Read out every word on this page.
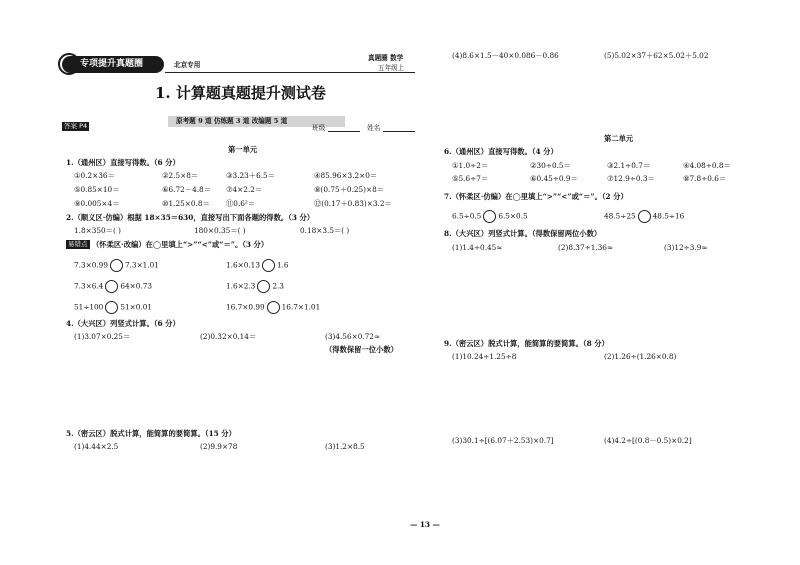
专项提升真题圈	北京专用
真题圈 数学
五年级上
1. 计算题真题提升测试卷
原考题 9 道 仿练题 3 道 改编题 5 道
答案 P4	班级	姓名
第一单元
1.（通州区）直接写得数。（6 分）
①0.2×36＝	②2.5×8＝	③3.23＋6.5＝	④85.96×3.2×0＝
⑤0.85×10＝	⑥6.72－4.8＝ ⑦4×2.2＝	⑧(0.75＋0.25)×8＝
⑨0.005×4＝	⑩1.25×0.8＝ ⑪0.6²＝	⑫(0.17＋0.83)×3.2＝
2.（顺义区·仿编）根据 18×35＝630，直接写出下面各题的得数。（3 分）
1.8×350＝( )	180×0.35＝( )	0.18×3.5＝( )
易错点 （怀柔区·改编）在◯里填上“>”“<”或“＝”。（3 分）
7.3×0.99 7.3×1.01	1.6×0.13 1.6
7.3×6.4 64×0.73	1.6×2.3 2.3
51÷100 51×0.01	16.7×0.99 16.7×1.01
4.（大兴区）列竖式计算。（6 分）
(1)3.07×0.25＝	(2)0.32×0.14＝	(3)4.56×0.72≈
（得数保留一位小数）
5.（密云区）脱式计算，能简算的要简算。（15 分）
(1)4.44×2.5	(2)9.9×78	(3)1.2×8.5
(4)8.6×1.5－40×0.086－0.86	(5)5.02×37＋62×5.02＋5.02
第二单元
6.（通州区）直接写得数。（4 分）
①1.0÷2＝	②30÷0.5＝	③2.1÷0.7＝	④4.08÷0.8＝
⑤5.6÷7＝	⑥0.45÷0.9＝	⑦12.9÷0.3＝	⑧7.8÷0.6＝
7.（怀柔区·仿编）在◯里填上“>”“<”或“＝”。（2 分）
6.5÷0.5 6.5×0.5	48.5÷25 48.5÷16
8.（大兴区）列竖式计算。（得数保留两位小数）
(1)1.4÷0.45≈	(2)8.37÷1.36≈	(3)12÷3.9≈
9.（密云区）脱式计算，能简算的要简算。（8 分）
(1)10.24÷1.25÷8	(2)1.26÷(1.26×0.8)
(3)30.1÷[(6.07＋2.53)×0.7]	(4)4.2÷[(0.8－0.5)×0.2]
— 13 —
